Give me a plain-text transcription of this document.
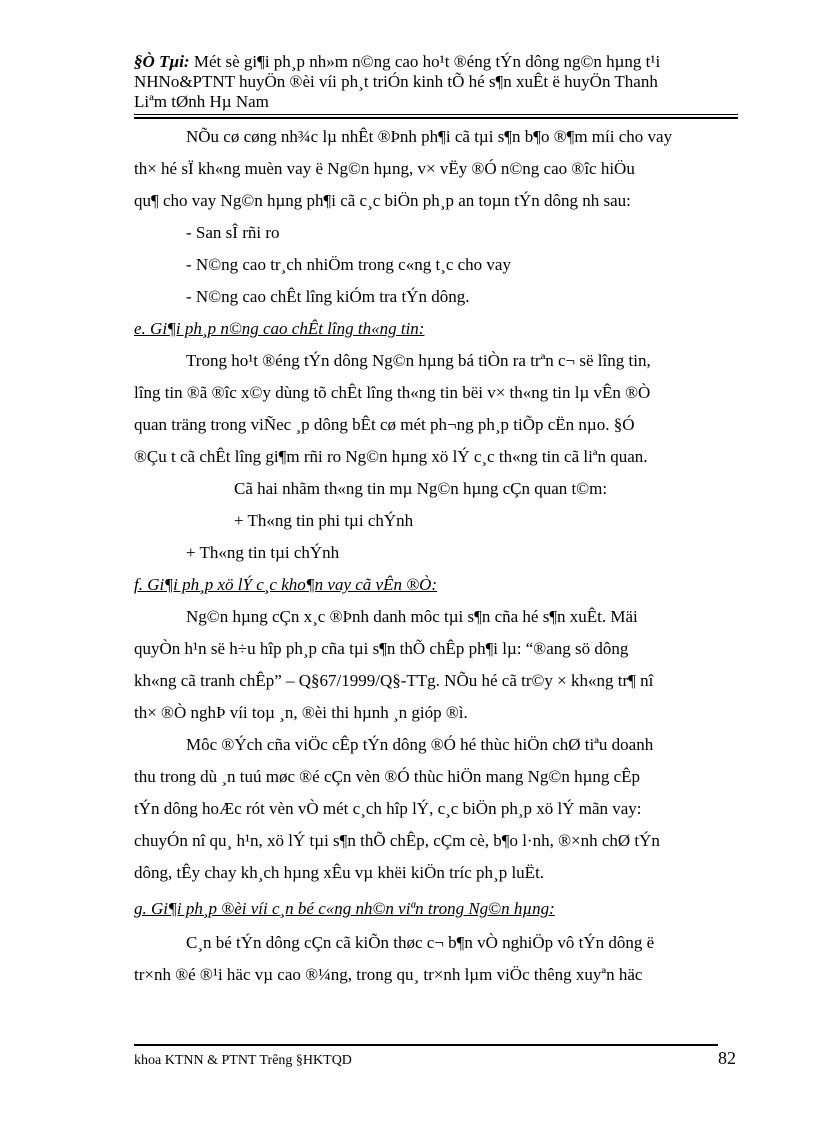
§Ò Tµi: Mét sè gi¶i ph¸p nh»m n©ng cao ho¹t ®éng tÝn dông ng©n hµng t¹i

NHNo&PTNT huyÖn ®èi víi ph¸t triÓn kinh tÕ hé s¶n xuÊt ë huyÖn Thanh

Liªm tØnh Hµ Nam

NÕu cø cøng nh¾c lµ nhÊt ®Þnh ph¶i cã tµi s¶n b¶o ®¶m míi cho vay

th× hé sÏ kh«ng muèn vay ë Ng©n hµng, v× vËy ®Ó n©ng cao ®îc hiÖu

qu¶ cho vay Ng©n hµng ph¶i cã c¸c biÖn ph¸p an toµn tÝn dông nh sau:

- San sÎ rñi ro

- N©ng cao tr¸ch nhiÖm trong c«ng t¸c cho vay

- N©ng cao chÊt lîng kiÓm tra tÝn dông.

e. Gi¶i ph¸p n©ng cao chÊt lîng th«ng tin:

Trong ho¹t ®éng tÝn dông Ng©n hµng bá tiÒn ra trªn c¬ së lîng tin,

lîng tin ®ã ®îc x©y dùng tõ chÊt lîng th«ng tin bëi v× th«ng tin lµ vÊn ®Ò

quan träng trong viÑec ¸p dông bÊt cø mét ph¬ng ph¸p tiÕp cËn nµo. §Ó

®Çu t cã chÊt lîng gi¶m rñi ro Ng©n hµng xö lÝ c¸c th«ng tin cã liªn quan.

Cã hai nhãm th«ng tin mµ Ng©n hµng cÇn quan t©m:

+ Th«ng tin phi tµi chÝnh

+ Th«ng tin tµi chÝnh

f. Gi¶i ph¸p xö lÝ c¸c kho¶n vay cã vÊn ®Ò:

Ng©n hµng cÇn x¸c ®Þnh danh môc tµi s¶n cña hé s¶n xuÊt. Mäi

quyÒn h¹n së h÷u hîp ph¸p cña tµi s¶n thÕ chÊp ph¶i lµ: “®ang sö dông

kh«ng cã tranh chÊp” – Q§67/1999/Q§-TTg. NÕu hé cã tr©y × kh«ng tr¶ nî

th× ®Ò nghÞ víi toµ ¸n, ®èi thi hµnh ¸n gióp ®ì.

Môc ®Ých cña viÖc cÊp tÝn dông ®Ó hé thùc hiÖn chØ tiªu doanh

thu trong dù ¸n tuú møc ®é cÇn vèn ®Ó thùc hiÖn mang Ng©n hµng cÊp

tÝn dông hoÆc rót vèn vÒ mét c¸ch hîp lÝ, c¸c biÖn ph¸p xö lÝ mãn vay:

chuyÓn nî qu¸ h¹n, xö lÝ tµi s¶n thÕ chÊp, cÇm cè, b¶o l·nh, ®×nh chØ tÝn

dông, tÊy chay kh¸ch hµng xÊu vµ khëi kiÖn tríc ph¸p luËt.

g. Gi¶i ph¸p ®èi víi c¸n bé c«ng nh©n viªn trong Ng©n hµng:

C¸n bé tÝn dông cÇn cã kiÕn thøc c¬ b¶n vÒ nghiÖp vô tÝn dông ë

tr×nh ®é ®¹i häc vµ cao ®¼ng, trong qu¸ tr×nh lµm viÖc thêng xuyªn häc

khoa KTNN & PTNT Trêng §HKTQD	82
